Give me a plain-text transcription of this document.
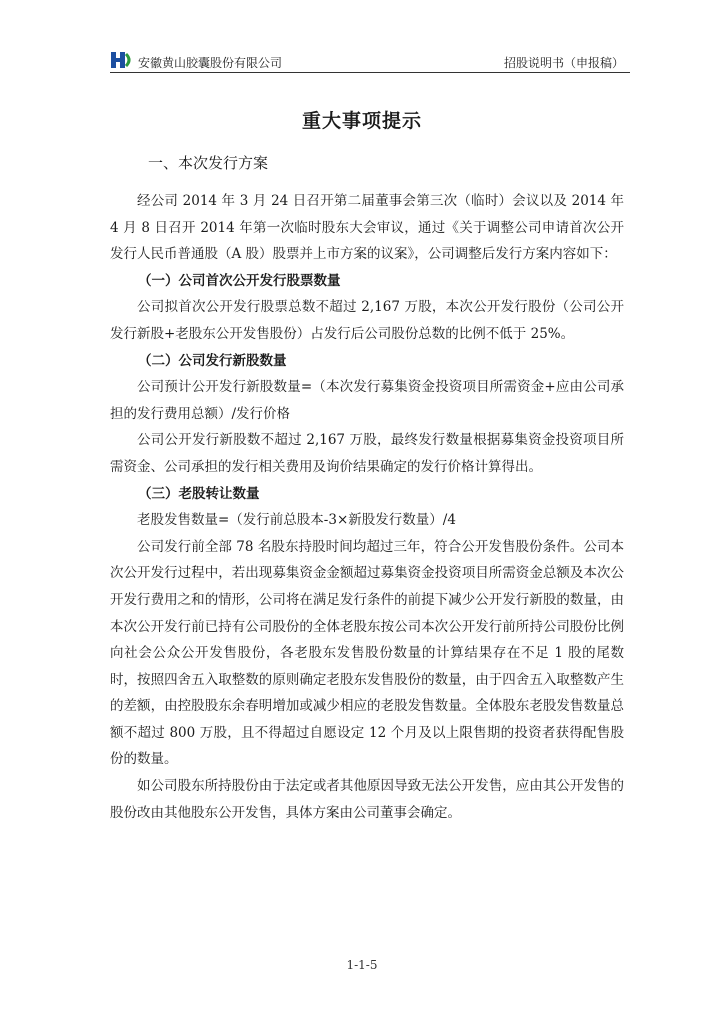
安徽黄山胶囊股份有限公司	招股说明书（申报稿）
重大事项提示
一、本次发行方案

经公司 2014 年 3 月 24 日召开第二届董事会第三次（临时）会议以及 2014 年 4 月 8 日召开 2014 年第一次临时股东大会审议，通过《关于调整公司申请首次公开发行人民币普通股（A 股）股票并上市方案的议案》，公司调整后发行方案内容如下：

（一）公司首次公开发行股票数量

公司拟首次公开发行股票总数不超过 2,167 万股，本次公开发行股份（公司公开发行新股+老股东公开发售股份）占发行后公司股份总数的比例不低于 25%。

（二）公司发行新股数量

公司预计公开发行新股数量=（本次发行募集资金投资项目所需资金+应由公司承担的发行费用总额）/发行价格

公司公开发行新股数不超过 2,167 万股，最终发行数量根据募集资金投资项目所需资金、公司承担的发行相关费用及询价结果确定的发行价格计算得出。

（三）老股转让数量

老股发售数量=（发行前总股本-3×新股发行数量）/4

公司发行前全部 78 名股东持股时间均超过三年，符合公开发售股份条件。公司本次公开发行过程中，若出现募集资金金额超过募集资金投资项目所需资金总额及本次公开发行费用之和的情形，公司将在满足发行条件的前提下减少公开发行新股的数量，由本次公开发行前已持有公司股份的全体老股东按公司本次公开发行前所持公司股份比例向社会公众公开发售股份，各老股东发售股份数量的计算结果存在不足 1 股的尾数时，按照四舍五入取整数的原则确定老股东发售股份的数量，由于四舍五入取整数产生的差额，由控股股东余春明增加或减少相应的老股发售数量。全体股东老股发售数量总额不超过 800 万股，且不得超过自愿设定 12 个月及以上限售期的投资者获得配售股份的数量。

如公司股东所持股份由于法定或者其他原因导致无法公开发售，应由其公开发售的股份改由其他股东公开发售，具体方案由公司董事会确定。

1-1-5
